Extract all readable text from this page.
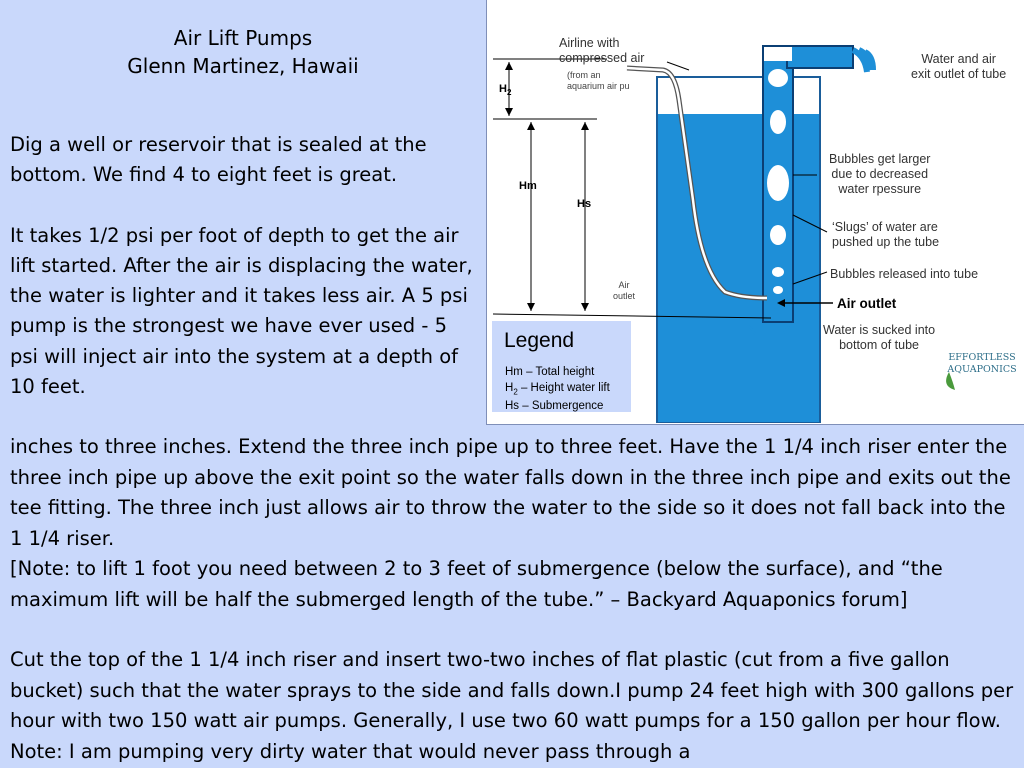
Air Lift Pumps
Glenn Martinez, Hawaii

Dig a well or reservoir that is sealed at the bottom. We find 4 to eight feet is great.

It takes 1/2 psi per foot of depth to get the air lift started. After the air is displacing the water, the water is lighter and it takes less air. A 5 psi pump is the strongest we have ever used - 5 psi will inject air into the system at a depth of 10 feet.

Airline with
compressed air
(from an
aquarium air pu
Water and air
exit outlet of tube
Bubbles get larger
due to decreased
water rpessure
‘Slugs’ of water are
pushed up the tube
Bubbles released into tube
Air outlet
Water is sucked into
bottom of tube
Air
outlet
$H_2$
Hm
Hs
Legend
Hm – Total height
$H_2$ – Height water lift
Hs – Submergence
EFFORTLESS
AQUAPONICS

inches to three inches. Extend the three inch pipe up to three feet. Have the 1 1/4 inch riser enter the three inch pipe up above the exit point so the water falls down in the three inch pipe and exits out the tee fitting. The three inch just allows air to throw the water to the side so it does not fall back into the 1 1/4 riser.

[Note: to lift 1 foot you need between 2 to 3 feet of submergence (below the surface), and “the maximum lift will be half the submerged length of the tube.” – Backyard Aquaponics forum]

Cut the top of the 1 1/4 inch riser and insert two-two inches of flat plastic (cut from a five gallon bucket) such that the water sprays to the side and falls down.I pump 24 feet high with 300 gallons per hour with two 150 watt air pumps. Generally, I use two 60 watt pumps for a 150 gallon per hour flow. Note: I am pumping very dirty water that would never pass through a
